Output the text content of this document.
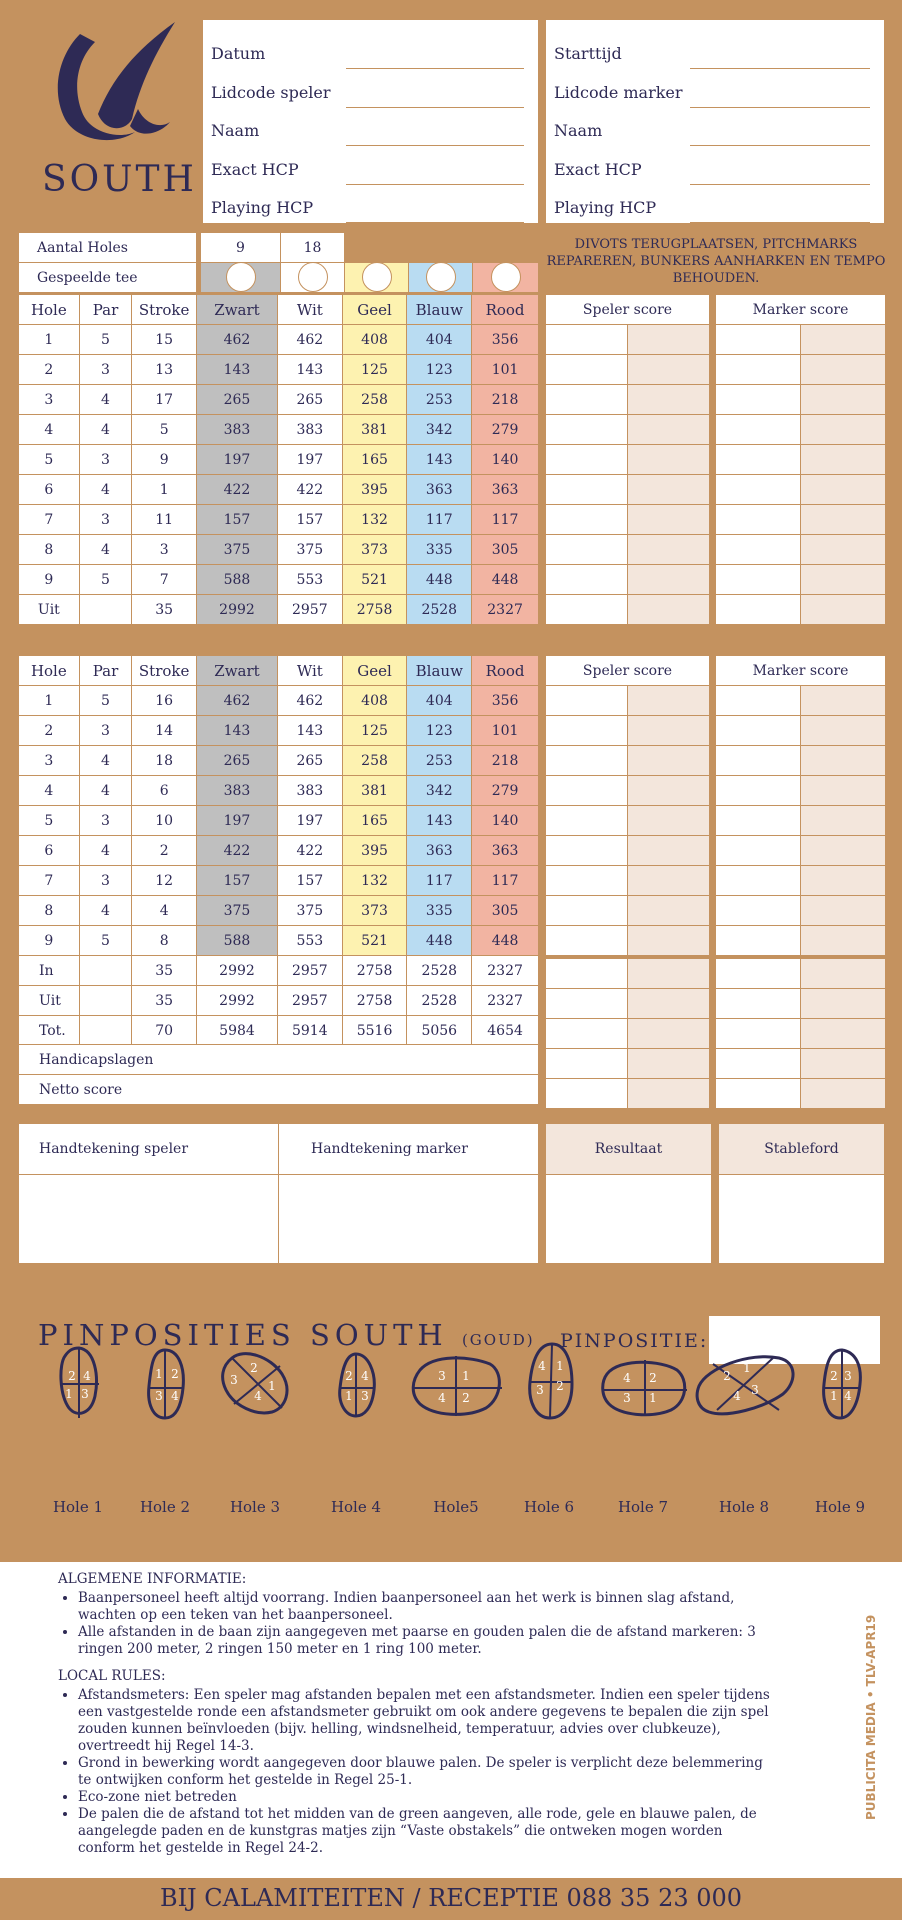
SOUTH
Datum
Lidcode speler
Naam
Exact HCP
Playing HCP
Starttijd
Lidcode marker
Naam
Exact HCP
Playing HCP
Aantal Holes		9	18			
Gespeelde tee						
DIVOTS TERUGPLAATSEN, PITCHMARKS REPAREREN, BUNKERS AANHARKEN EN TEMPO BEHOUDEN.
Hole	Par	Stroke	Zwart	Wit	Geel	Blauw	Rood
1	5	15	462	462	408	404	356
2	3	13	143	143	125	123	101
3	4	17	265	265	258	253	218
4	4	5	383	383	381	342	279
5	3	9	197	197	165	143	140
6	4	1	422	422	395	363	363
7	3	11	157	157	132	117	117
8	4	3	375	375	373	335	305
9	5	7	588	553	521	448	448
Uit		35	2992	2957	2758	2528	2327
Speler score			Marker score	

Hole	Par	Stroke	Zwart	Wit	Geel	Blauw	Rood
1	5	16	462	462	408	404	356
2	3	14	143	143	125	123	101
3	4	18	265	265	258	253	218
4	4	6	383	383	381	342	279
5	3	10	197	197	165	143	140
6	4	2	422	422	395	363	363
7	3	12	157	157	132	117	117
8	4	4	375	375	373	335	305
9	5	8	588	553	521	448	448
In		35	2992	2957	2758	2528	2327
Uit		35	2992	2957	2758	2528	2327
Tot.		70	5984	5914	5516	5056	4654
Speler score			Marker score	

Handicapslagen
Netto score
Handtekening speler	Handtekening marker
		Resultaat		Stableford

PINPOSITIES SOUTH (GOUD) PINPOSITIE:
2 4
1 3
Hole 1
1 2
3 4
Hole 2
3
2
4
1
Hole 3
2 4
1 3
Hole 4
3 1
4 2
Hole5
4 1
3 2
Hole 6
4 2
3 1
Hole 7
2
1
4 3
Hole 8
2 3
1 4
Hole 9
ALGEMENE INFORMATIE:
• Baanpersoneel heeft altijd voorrang. Indien baanpersoneel aan het werk is binnen slag afstand, wachten op een teken van het baanpersoneel.
• Alle afstanden in de baan zijn aangegeven met paarse en gouden palen die de afstand markeren: 3 ringen 200 meter, 2 ringen 150 meter en 1 ring 100 meter.
LOCAL RULES:
• Afstandsmeters: Een speler mag afstanden bepalen met een afstandsmeter. Indien een speler tijdens een vastgestelde ronde een afstandsmeter gebruikt om ook andere gegevens te bepalen die zijn spel zouden kunnen beïnvloeden (bijv. helling, windsnelheid, temperatuur, advies over clubkeuze), overtreedt hij Regel 14-3.
• Grond in bewerking wordt aangegeven door blauwe palen. De speler is verplicht deze belemmering te ontwijken conform het gestelde in Regel 25-1.
• Eco-zone niet betreden
• De palen die de afstand tot het midden van de green aangeven, alle rode, gele en blauwe palen, de aangelegde paden en de kunstgras matjes zijn “Vaste obstakels” die ontweken mogen worden conform het gestelde in Regel 24-2.
PUBLICITA MEDIA • TLV-APR19
BIJ CALAMITEITEN / RECEPTIE 088 35 23 000
